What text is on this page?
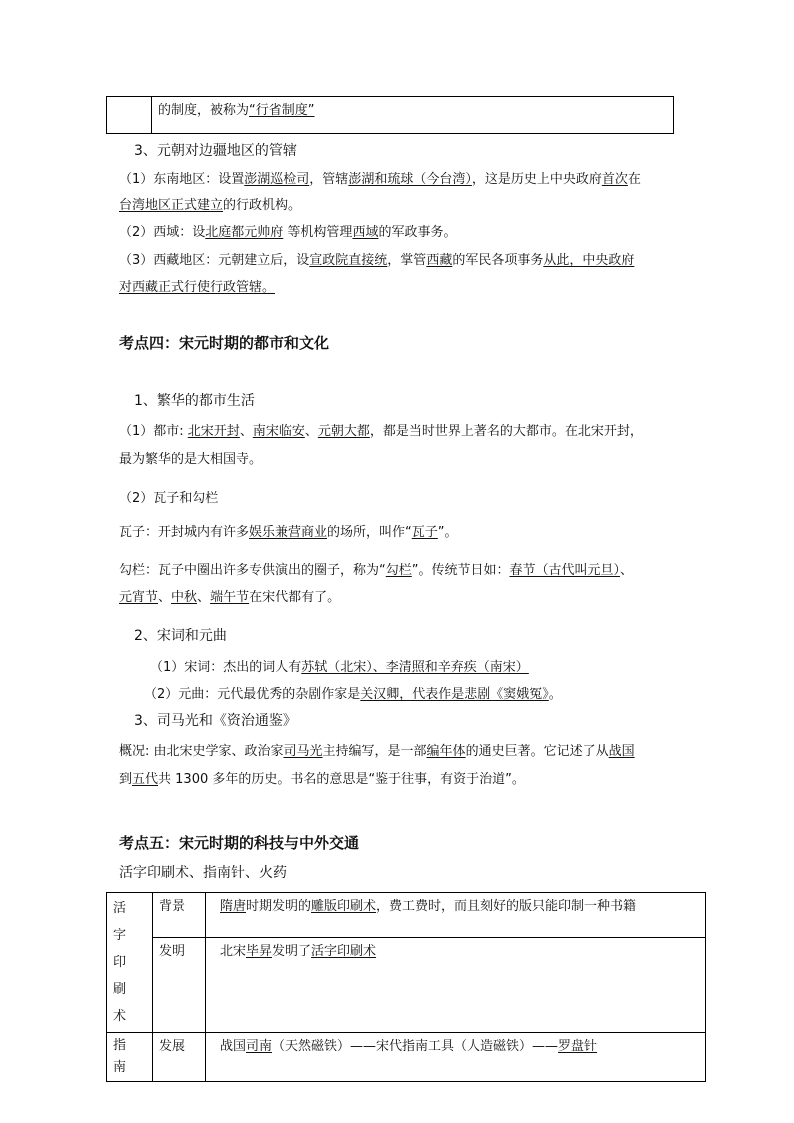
	的制度，被称为“行省制度”
3、元朝对边疆地区的管辖
（1）东南地区：设置澎湖巡检司，管辖澎湖和琉球（今台湾），这是历史上中央政府首次在
台湾地区正式建立的行政机构。
（2）西域：设北庭都元帅府 等机构管理西域的军政事务。
（3）西藏地区：元朝建立后，设宣政院直接统，掌管西藏的军民各项事务从此，中央政府
对西藏正式行使行政管辖。
考点四：宋元时期的都市和文化
1、繁华的都市生活
（1）都市: 北宋开封、南宋临安、元朝大都，都是当时世界上著名的大都市。在北宋开封，
最为繁华的是大相国寺。
（2）瓦子和勾栏
瓦子：开封城内有许多娱乐兼营商业的场所，叫作“瓦子”。
勾栏：瓦子中圈出许多专供演出的圈子，称为“勾栏”。传统节日如：春节（古代叫元旦）、
元宵节、中秋、端午节在宋代都有了。
2、宋词和元曲
（1）宋词：杰出的词人有苏轼（北宋）、李清照和辛弃疾（南宋）
（2）元曲：元代最优秀的杂剧作家是关汉卿，代表作是悲剧《窦娥冤》。
3、司马光和《资治通鉴》
概况: 由北宋史学家、政治家司马光主持编写，是一部编年体的通史巨著。它记述了从战国
到五代共 1300 多年的历史。书名的意思是“鉴于往事，有资于治道”。
考点五：宋元时期的科技与中外交通
活字印刷术、指南针、火药
活　字
印　刷
术	背景	隋唐时期发明的雕版印刷术，费工费时，而且刻好的版只能印制一种书籍
	发明	北宋毕昇发明了活字印刷术

指　南	发展	战国司南（天然磁铁）——宋代指南工具（人造磁铁）——罗盘针
